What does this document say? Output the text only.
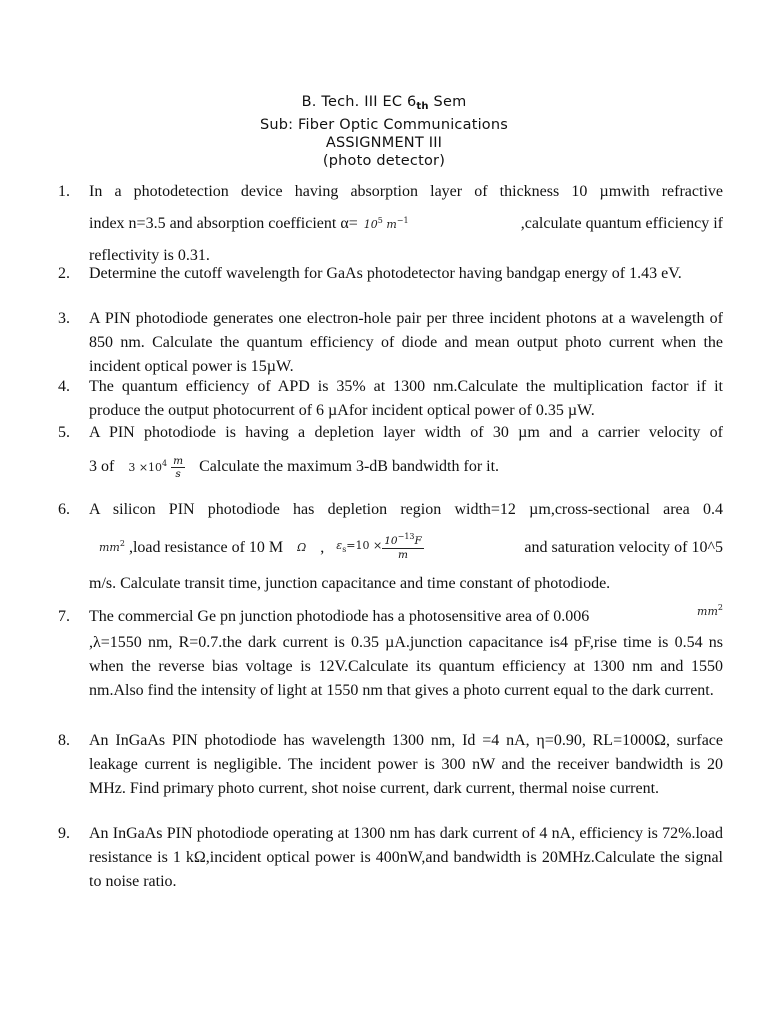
B. Tech. III EC $6_{th}$ Sem
Sub: Fiber Optic Communications
ASSIGNMENT III
(photo detector)
1. In a photodetection device having absorption layer of thickness 10 µmwith refractive
index n=3.5 and absorption coefficient $\alpha= 10^5$ $m^{-1}$	,calculate quantum efficiency if
reflectivity is 0.31.
2. Determine the cutoff wavelength for GaAs photodetector having bandgap energy of 1.43 eV.
3. A PIN photodiode generates one electron-hole pair per three incident photons at a wavelength of 850 nm. Calculate the quantum efficiency of diode and mean output photo current when the incident optical power is 15µW.
4. The quantum efficiency of APD is 35% at 1300 nm.Calculate the multiplication factor if it produce the output photocurrent of 6 µAfor incident optical power of 0.35 µW.
5. A PIN photodiode is having a depletion layer width of 30 µm and a carrier velocity of
3 of $3 \times 10^4 \frac{m}{s}$ Calculate the maximum 3-dB bandwidth for it.
6. A silicon PIN photodiode has depletion region width=12 µm,cross-sectional area 0.4
$mm^2$ ,load resistance of 10 M Ω , $\varepsilon_s=10 \times \frac{10^{-13}F}{m}$	and saturation velocity of 10^5
m/s. Calculate transit time, junction capacitance and time constant of photodiode.
7. The commercial Ge pn junction photodiode has a photosensitive area of 0.006	$mm^2$
,λ=1550 nm, R=0.7.the dark current is 0.35 µA.junction capacitance is4 pF,rise time is 0.54 ns when the reverse bias voltage is 12V.Calculate its quantum efficiency at 1300 nm and 1550 nm.Also find the intensity of light at 1550 nm that gives a photo current equal to the dark current.
8. An InGaAs PIN photodiode has wavelength 1300 nm, Id =4 nA, η=0.90, RL=1000Ω, surface leakage current is negligible. The incident power is 300 nW and the receiver bandwidth is 20 MHz. Find primary photo current, shot noise current, dark current, thermal noise current.
9. An InGaAs PIN photodiode operating at 1300 nm has dark current of 4 nA, efficiency is 72%.load resistance is 1 kΩ,incident optical power is 400nW,and bandwidth is 20MHz.Calculate the signal to noise ratio.
